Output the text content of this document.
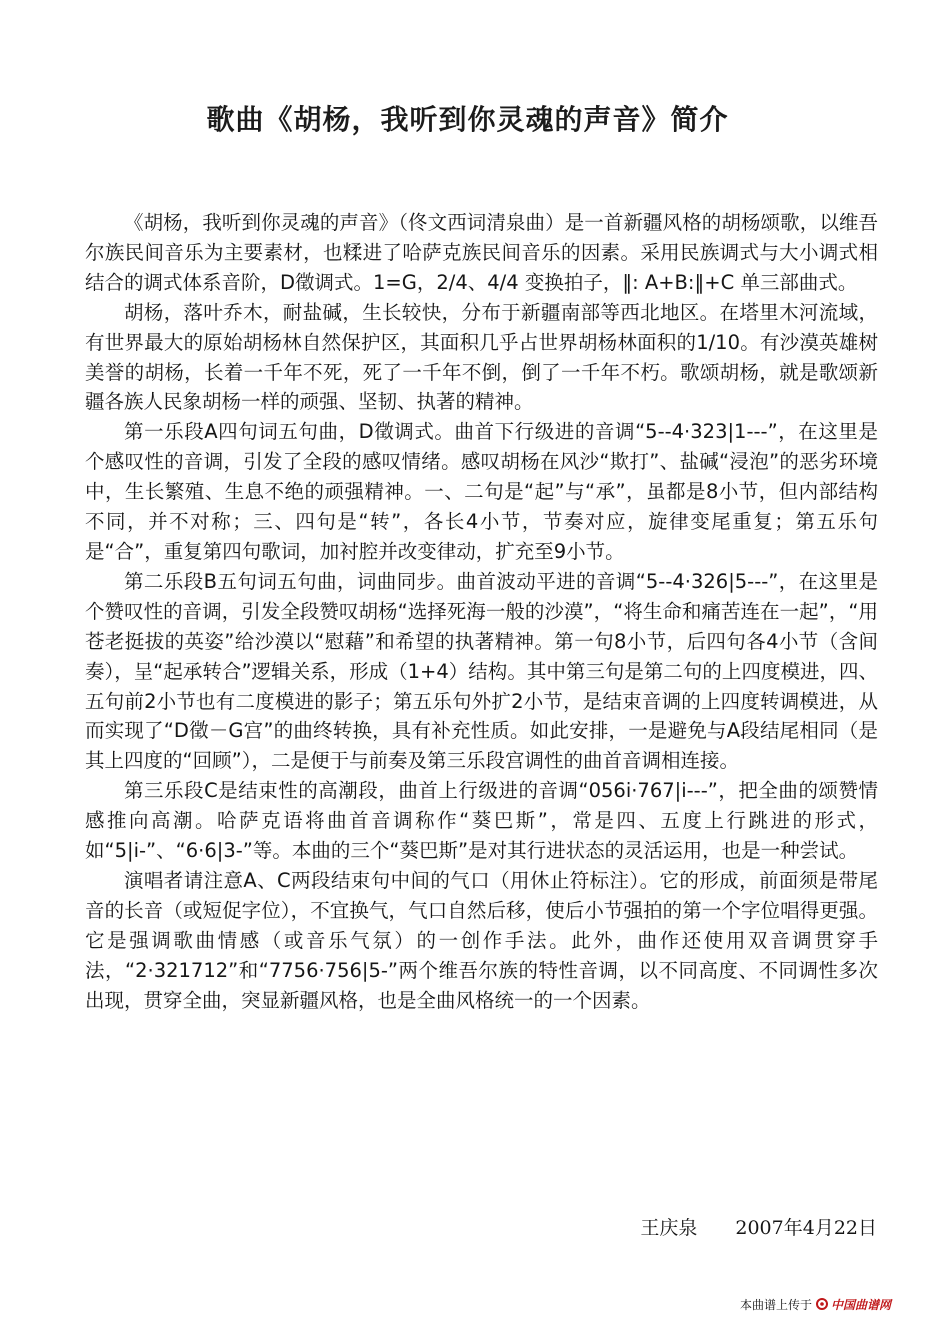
歌曲《胡杨，我听到你灵魂的声音》简介

《胡杨，我听到你灵魂的声音》（佟文西词清泉曲）是一首新疆风格的胡杨颂歌，以维吾尔族民间音乐为主要素材，也糅进了哈萨克族民间音乐的因素。采用民族调式与大小调式相结合的调式体系音阶，D徵调式。1=G，2/4、4/4 变换拍子，‖: A+B:‖+C 单三部曲式。

胡杨，落叶乔木，耐盐碱，生长较快，分布于新疆南部等西北地区。在塔里木河流域，有世界最大的原始胡杨林自然保护区，其面积几乎占世界胡杨林面积的1/10。有沙漠英雄树美誉的胡杨，长着一千年不死，死了一千年不倒，倒了一千年不朽。歌颂胡杨，就是歌颂新疆各族人民象胡杨一样的顽强、坚韧、执著的精神。

第一乐段A四句词五句曲，D徵调式。曲首下行级进的音调“5--4·323|1---”，在这里是个感叹性的音调，引发了全段的感叹情绪。感叹胡杨在风沙“欺打”、盐碱“浸泡”的恶劣环境中，生长繁殖、生息不绝的顽强精神。一、二句是“起”与“承”，虽都是8小节，但内部结构不同，并不对称；三、四句是“转”，各长4小节，节奏对应，旋律变尾重复；第五乐句是“合”，重复第四句歌词，加衬腔并改变律动，扩充至9小节。

第二乐段B五句词五句曲，词曲同步。曲首波动平进的音调“5--4·326|5---”，在这里是个赞叹性的音调，引发全段赞叹胡杨“选择死海一般的沙漠”，“将生命和痛苦连在一起”，“用苍老挺拔的英姿”给沙漠以“慰藉”和希望的执著精神。第一句8小节，后四句各4小节（含间奏），呈“起承转合”逻辑关系，形成（1+4）结构。其中第三句是第二句的上四度模进，四、五句前2小节也有二度模进的影子；第五乐句外扩2小节，是结束音调的上四度转调模进，从而实现了“D徵－G宫”的曲终转换，具有补充性质。如此安排，一是避免与A段结尾相同（是其上四度的“回顾”），二是便于与前奏及第三乐段宫调性的曲首音调相连接。

第三乐段C是结束性的高潮段，曲首上行级进的音调“056i·767|i---”，把全曲的颂赞情感推向高潮。哈萨克语将曲首音调称作“葵巴斯”，常是四、五度上行跳进的形式，如“5|i-”、“6·6|3-”等。本曲的三个“葵巴斯”是对其行进状态的灵活运用，也是一种尝试。

演唱者请注意A、C两段结束句中间的气口（用休止符标注）。它的形成，前面须是带尾音的长音（或短促字位），不宜换气，气口自然后移，使后小节强拍的第一个字位唱得更强。它是强调歌曲情感（或音乐气氛）的一创作手法。此外，曲作还使用双音调贯穿手法，“2·321712”和“7756·756|5-”两个维吾尔族的特性音调，以不同高度、不同调性多次出现，贯穿全曲，突显新疆风格，也是全曲风格统一的一个因素。

王庆泉　　2007年4月22日
本曲谱上传于 中国曲谱网
